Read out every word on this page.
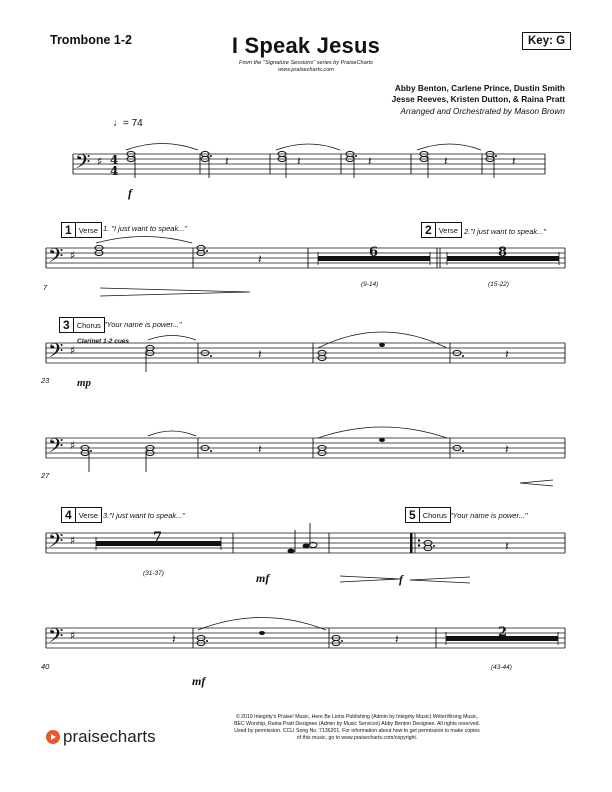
Trombone 1-2	I Speak Jesus
From the "Signature Sessions" series by PraiseCharts
www.praisecharts.com
Key: G
Abby Benton, Carlene Prince, Dustin Smith
Jesse Reeves, Kristen Dutton, & Raina Pratt
Arranged and Orchestrated by Mason Brown
♩= 74
1 Verse 1. "I just want to speak..."	2 Verse 2."I just want to speak..."
3 Chorus "Your name is power..."
Clarinet 1-2 cues
4 Verse 3."I just want to speak..."	5 Chorus "Your name is power..."
7
23
27
40
(9-14)	(15-22)
(31-37)
(43-44)
f
mp
mf	f
mf
𝄢
𝄢
𝄢
𝄢
𝄢
𝄢
♯
♯
♯
♯
♯
♯
4
4
6	8
7
2
𝄽	𝄽	𝄽	𝄽	𝄽
𝄽
𝄽	𝄽
𝄽	𝄽
𝄽
𝄽	𝄽
© 2019 Integrity's Praise! Music, Here Be Lions Publishing (Admin by Integrity Music) WriterWrong Music,
BEC Worship, Raina Pratt Designee (Admin by Music Services) Abby Benton Designee. All rights reserved.
Used by permission. CCLI Song No. 7136201. For information about how to get permission to make copies
of this music, go to www.praisecharts.com/copyright.
praisecharts
